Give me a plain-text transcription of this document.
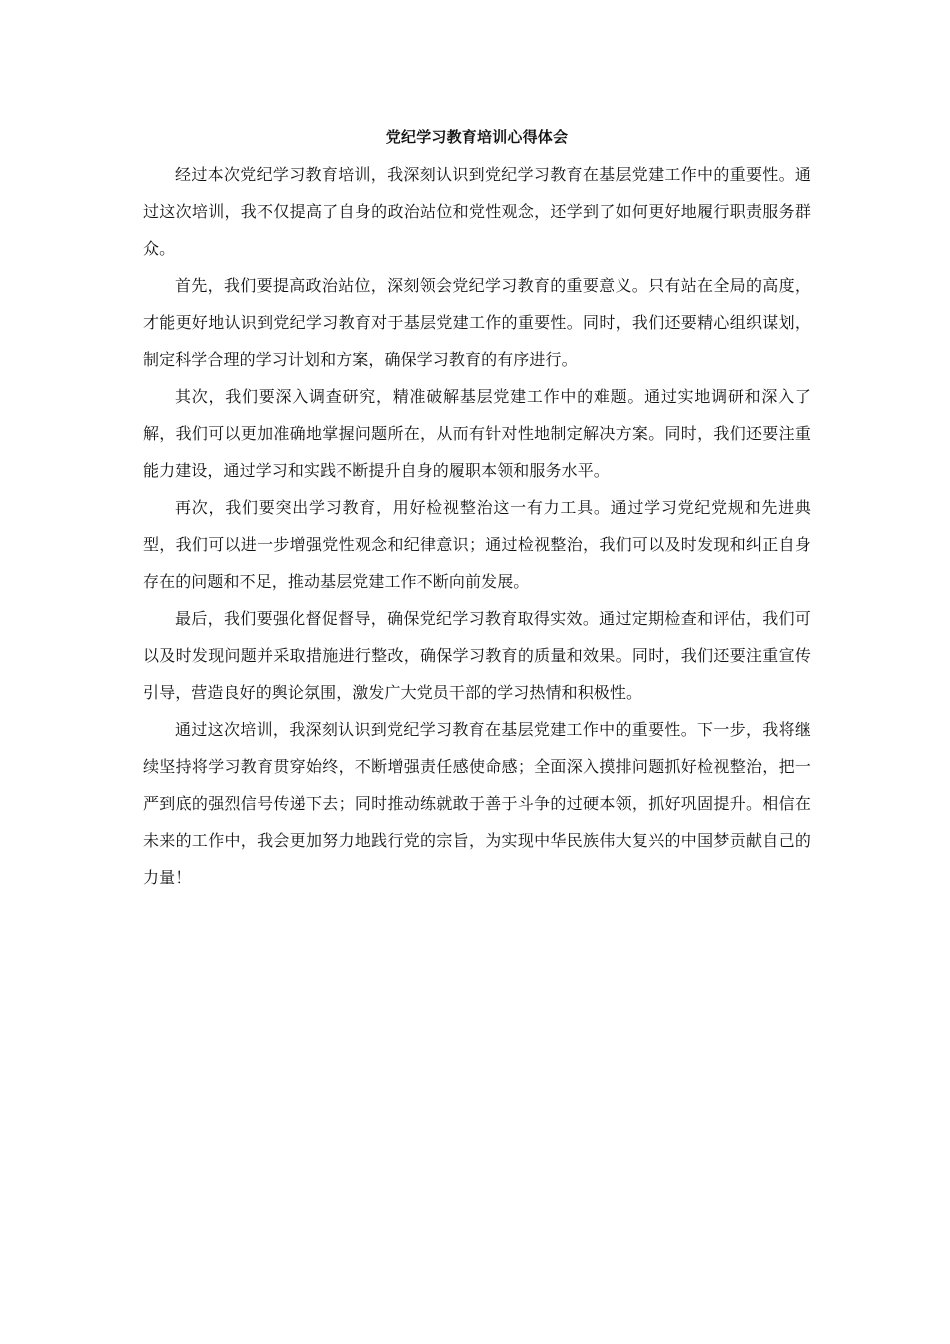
党纪学习教育培训心得体会

经过本次党纪学习教育培训，我深刻认识到党纪学习教育在基层党建工作中的重要性。通过这次培训，我不仅提高了自身的政治站位和党性观念，还学到了如何更好地履行职责服务群众。

首先，我们要提高政治站位，深刻领会党纪学习教育的重要意义。只有站在全局的高度，才能更好地认识到党纪学习教育对于基层党建工作的重要性。同时，我们还要精心组织谋划，制定科学合理的学习计划和方案，确保学习教育的有序进行。

其次，我们要深入调查研究，精准破解基层党建工作中的难题。通过实地调研和深入了解，我们可以更加准确地掌握问题所在，从而有针对性地制定解决方案。同时，我们还要注重能力建设，通过学习和实践不断提升自身的履职本领和服务水平。

再次，我们要突出学习教育，用好检视整治这一有力工具。通过学习党纪党规和先进典型，我们可以进一步增强党性观念和纪律意识；通过检视整治，我们可以及时发现和纠正自身存在的问题和不足，推动基层党建工作不断向前发展。

最后，我们要强化督促督导，确保党纪学习教育取得实效。通过定期检查和评估，我们可以及时发现问题并采取措施进行整改，确保学习教育的质量和效果。同时，我们还要注重宣传引导，营造良好的舆论氛围，激发广大党员干部的学习热情和积极性。

通过这次培训，我深刻认识到党纪学习教育在基层党建工作中的重要性。下一步，我将继续坚持将学习教育贯穿始终，不断增强责任感使命感；全面深入摸排问题抓好检视整治，把一严到底的强烈信号传递下去；同时推动练就敢于善于斗争的过硬本领，抓好巩固提升。相信在未来的工作中，我会更加努力地践行党的宗旨，为实现中华民族伟大复兴的中国梦贡献自己的力量！
